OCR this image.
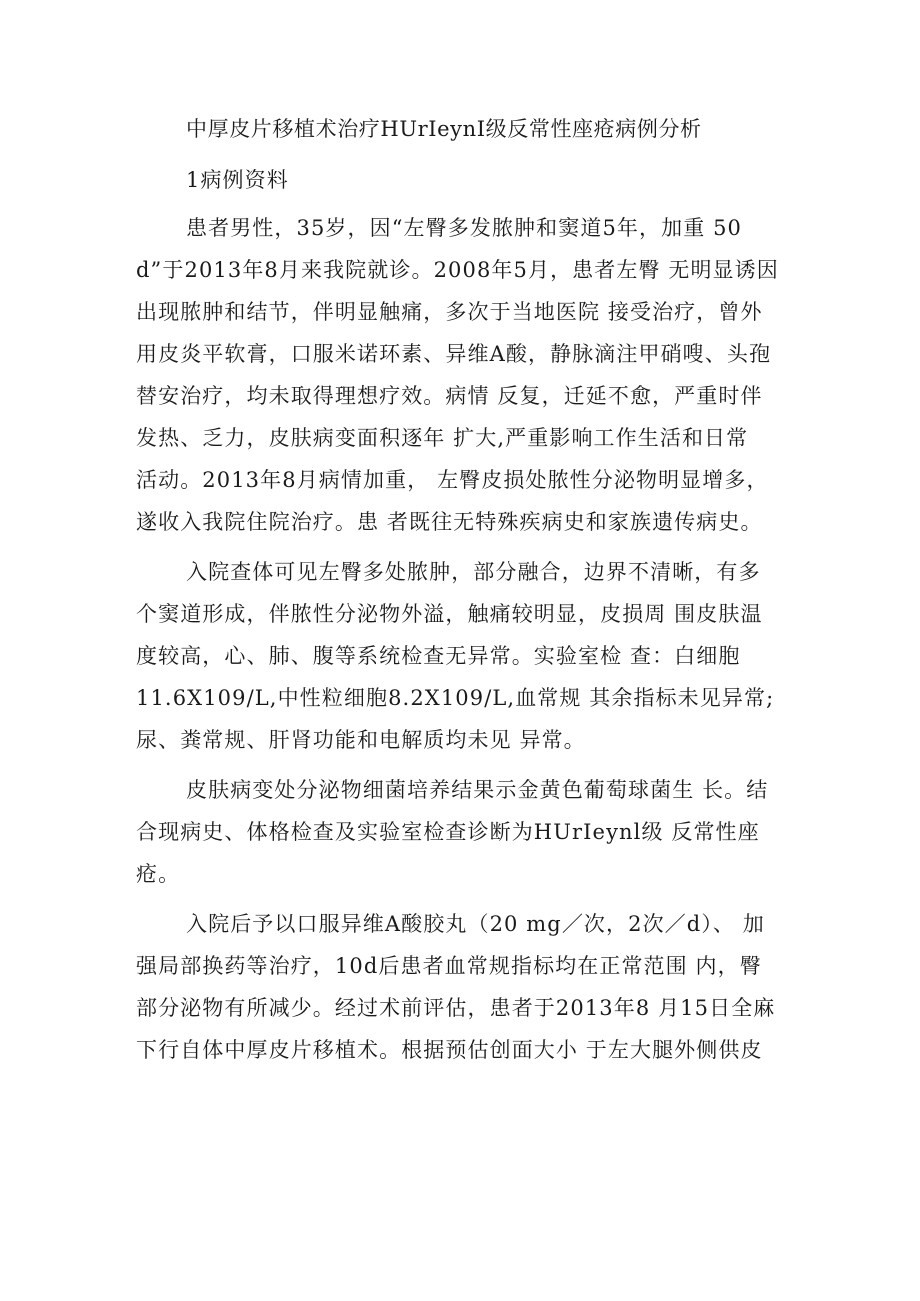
中厚皮片移植术治疗HUrIeynI级反常性座疮病例分析
1病例资料
患者男性，35岁，因“左臀多发脓肿和窦道5年，加重 50
d”于2013年8月来我院就诊。2008年5月，患者左臀 无明显诱因
出现脓肿和结节，伴明显触痛，多次于当地医院 接受治疗，曾外
用皮炎平软膏，口服米诺环素、异维A酸，静脉滴注甲硝嗖、头孢
替安治疗，均未取得理想疗效。病情 反复，迁延不愈，严重时伴
发热、乏力，皮肤病变面积逐年 扩大,严重影响工作生活和日常
活动。2013年8月病情加重， 左臀皮损处脓性分泌物明显增多，
遂收入我院住院治疗。患 者既往无特殊疾病史和家族遗传病史。
入院查体可见左臀多处脓肿，部分融合，边界不清晰，有多
个窦道形成，伴脓性分泌物外溢，触痛较明显，皮损周 围皮肤温
度较高，心、肺、腹等系统检查无异常。实验室检 查：白细胞
11.6X109/L,中性粒细胞8.2X109/L,血常规 其余指标未见异常;
尿、粪常规、肝肾功能和电解质均未见 异常。
皮肤病变处分泌物细菌培养结果示金黄色葡萄球菌生 长。结
合现病史、体格检查及实验室检查诊断为HUrIeynl级 反常性座
疮。
入院后予以口服异维A酸胶丸（20 mg／次，2次／d）、 加
强局部换药等治疗，10d后患者血常规指标均在正常范围 内，臀
部分泌物有所减少。经过术前评估，患者于2013年8 月15日全麻
下行自体中厚皮片移植术。根据预估创面大小 于左大腿外侧供皮
